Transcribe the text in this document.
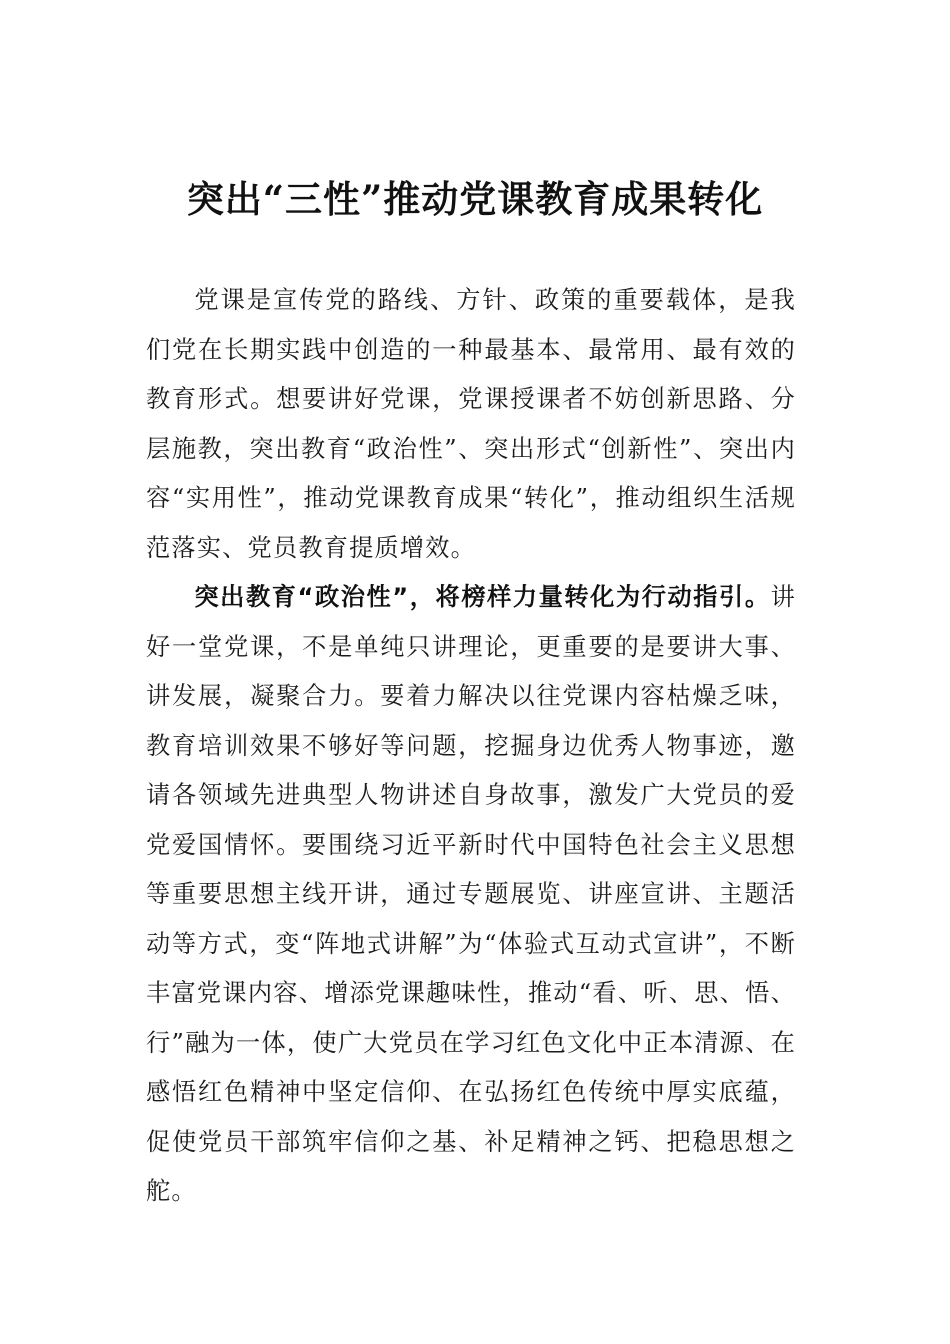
突出“三性”推动党课教育成果转化

党课是宣传党的路线、方针、政策的重要载体，是我们党在长期实践中创造的一种最基本、最常用、最有效的教育形式。想要讲好党课，党课授课者不妨创新思路、分层施教，突出教育“政治性”、突出形式“创新性”、突出内容“实用性”，推动党课教育成果“转化”，推动组织生活规范落实、党员教育提质增效。

突出教育“政治性”，将榜样力量转化为行动指引。讲好一堂党课，不是单纯只讲理论，更重要的是要讲大事、讲发展，凝聚合力。要着力解决以往党课内容枯燥乏味，教育培训效果不够好等问题，挖掘身边优秀人物事迹，邀请各领域先进典型人物讲述自身故事，激发广大党员的爱党爱国情怀。要围绕习近平新时代中国特色社会主义思想等重要思想主线开讲，通过专题展览、讲座宣讲、主题活动等方式，变“阵地式讲解”为“体验式互动式宣讲”，不断丰富党课内容、增添党课趣味性，推动“看、听、思、悟、行”融为一体，使广大党员在学习红色文化中正本清源、在感悟红色精神中坚定信仰、在弘扬红色传统中厚实底蕴，促使党员干部筑牢信仰之基、补足精神之钙、把稳思想之舵。
